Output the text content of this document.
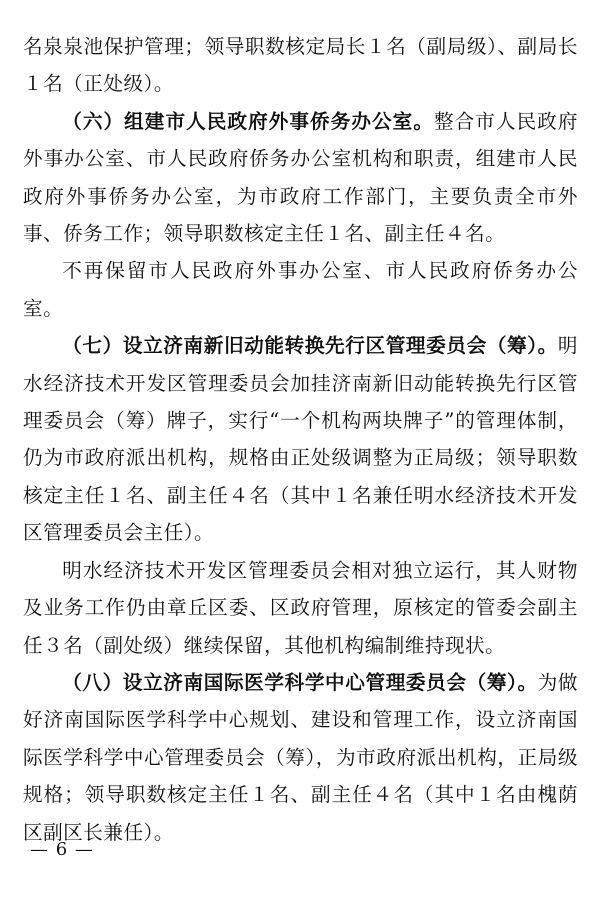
名泉泉池保护管理；领导职数核定局长１名（副局级）、副局长１名（正处级）。

（六）组建市人民政府外事侨务办公室。整合市人民政府外事办公室、市人民政府侨务办公室机构和职责，组建市人民政府外事侨务办公室，为市政府工作部门，主要负责全市外事、侨务工作；领导职数核定主任１名、副主任４名。

不再保留市人民政府外事办公室、市人民政府侨务办公室。

（七）设立济南新旧动能转换先行区管理委员会（筹）。明水经济技术开发区管理委员会加挂济南新旧动能转换先行区管理委员会（筹）牌子，实行“一个机构两块牌子”的管理体制，仍为市政府派出机构，规格由正处级调整为正局级；领导职数核定主任１名、副主任４名（其中１名兼任明水经济技术开发区管理委员会主任）。

明水经济技术开发区管理委员会相对独立运行，其人财物及业务工作仍由章丘区委、区政府管理，原核定的管委会副主任３名（副处级）继续保留，其他机构编制维持现状。

（八）设立济南国际医学科学中心管理委员会（筹）。为做好济南国际医学科学中心规划、建设和管理工作，设立济南国际医学科学中心管理委员会（筹），为市政府派出机构，正局级规格；领导职数核定主任１名、副主任４名（其中１名由槐荫区副区长兼任）。

— 6 —
